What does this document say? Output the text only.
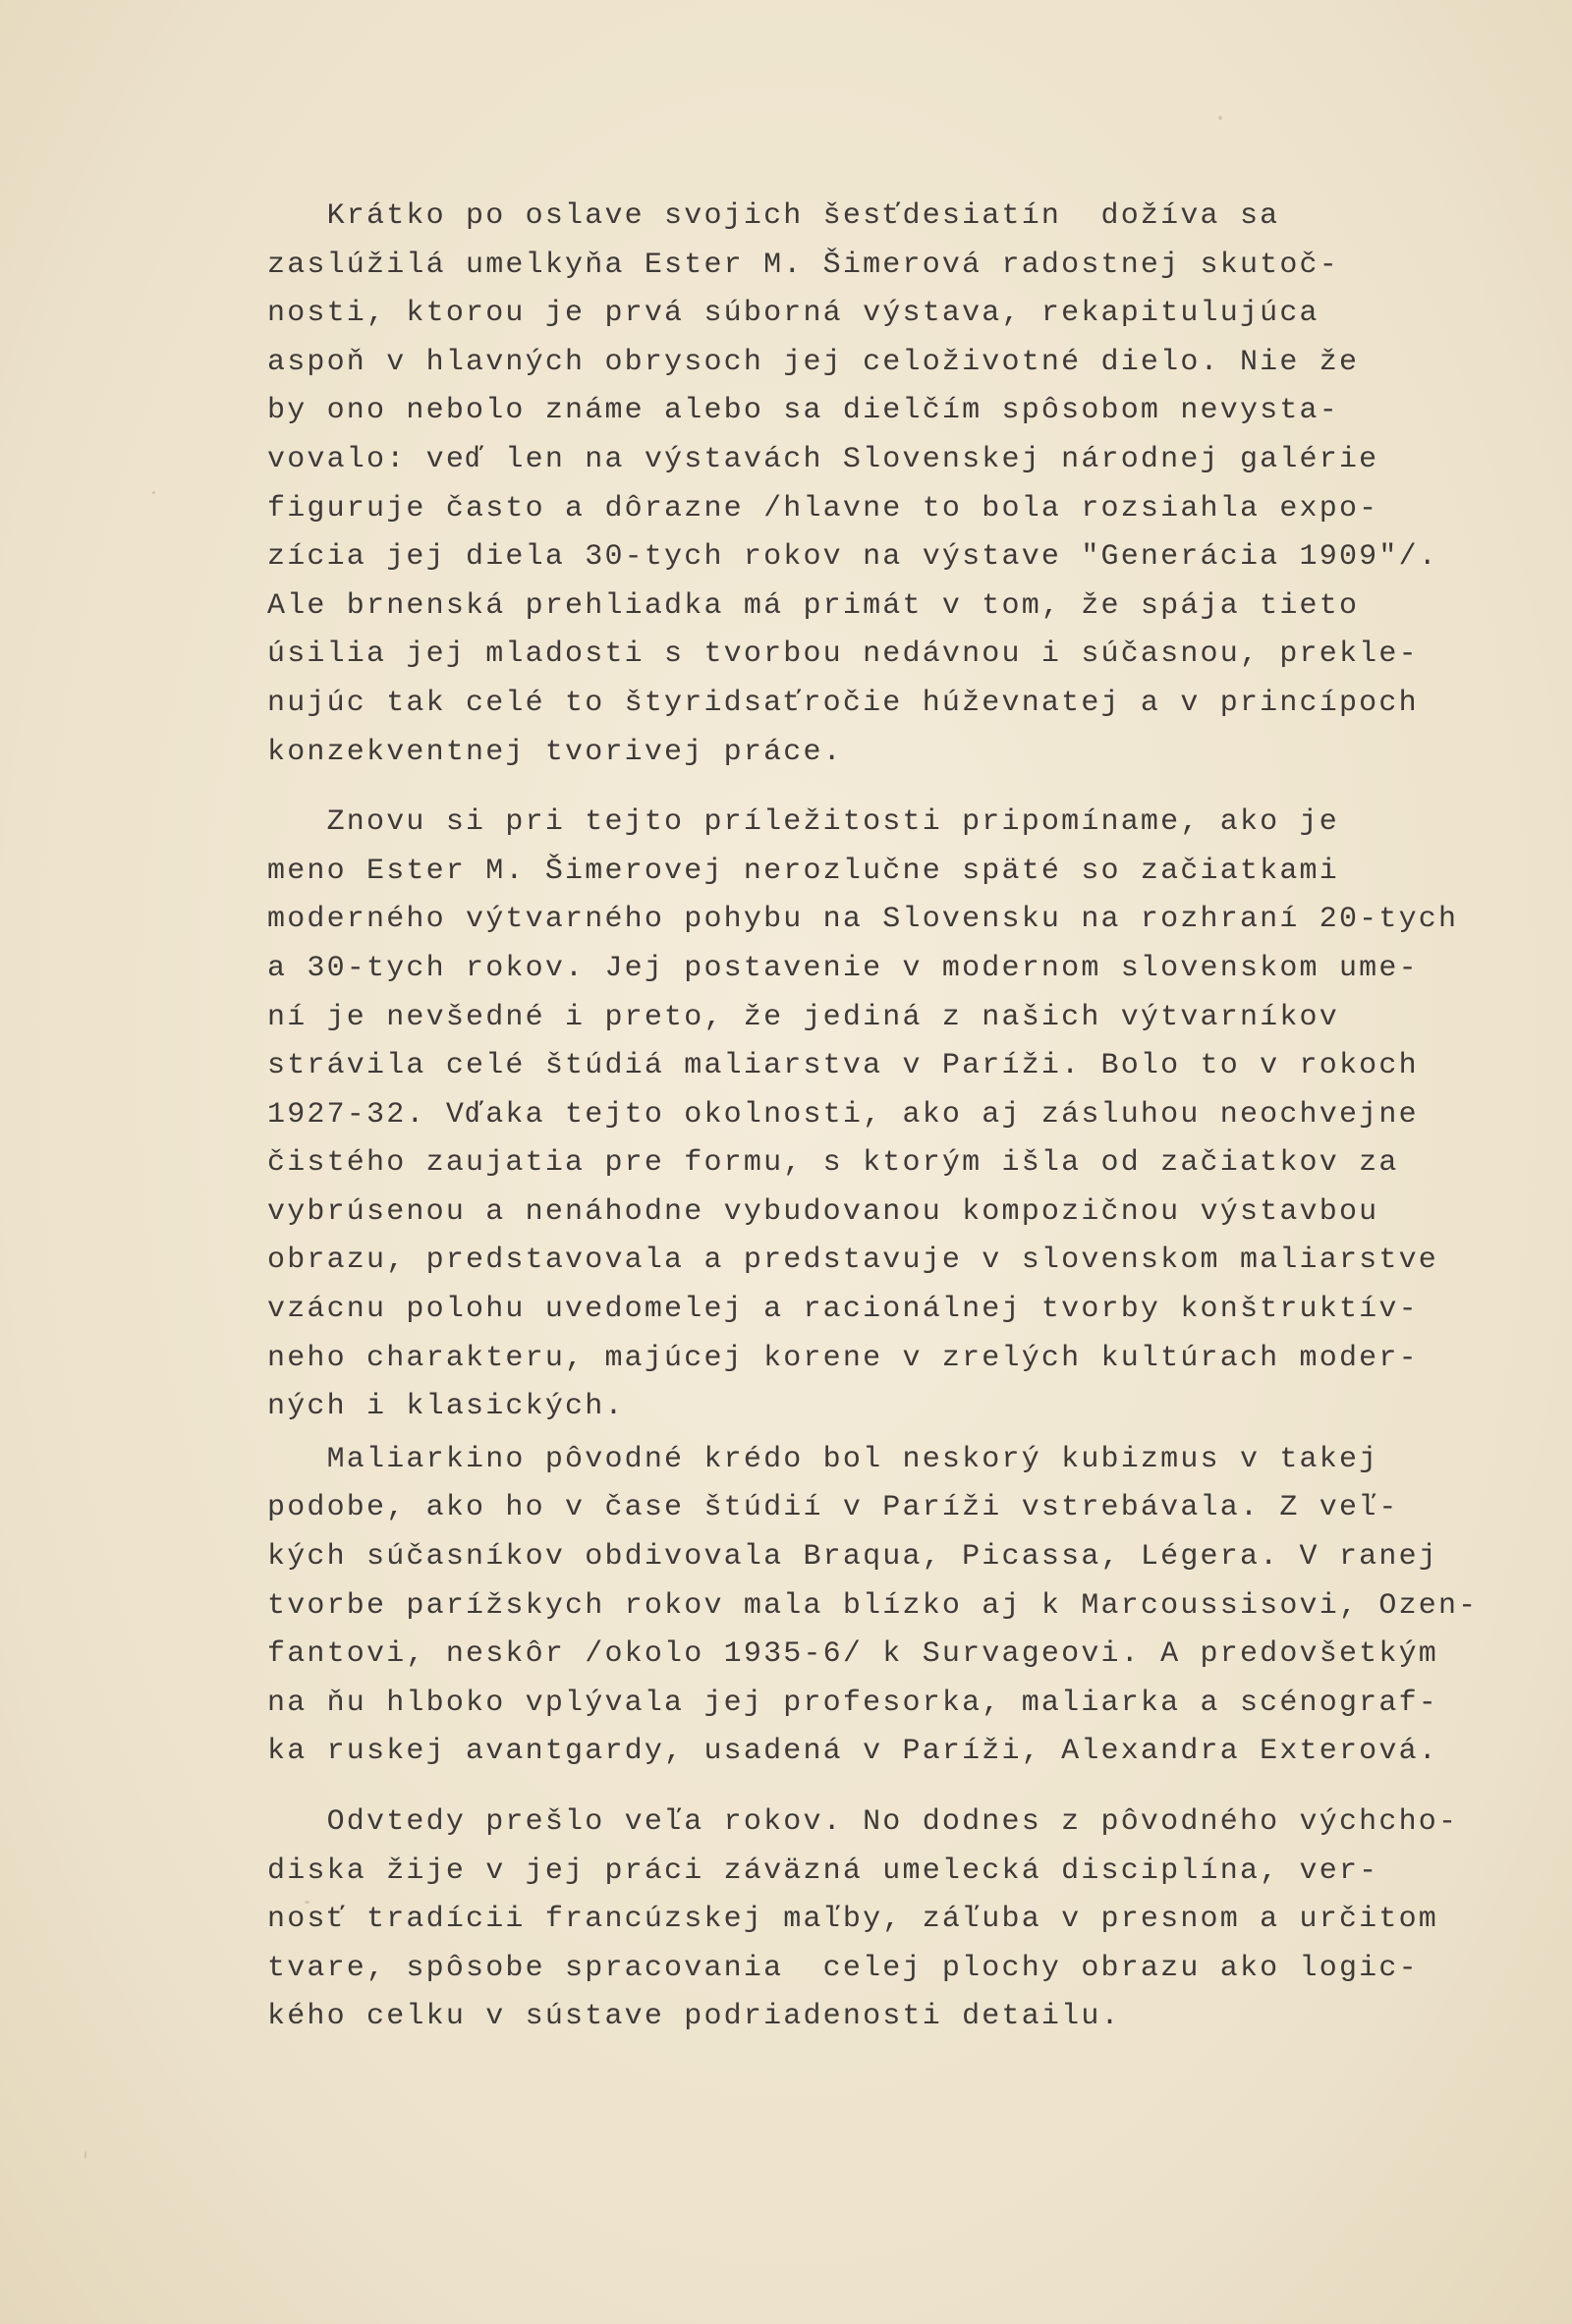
Krátko po oslave svojich šesťdesiatín  dožíva sa
zaslúžilá umelkyňa Ester M. Šimerová radostnej skutoč-
nosti, ktorou je prvá súborná výstava, rekapitulujúca
aspoň v hlavných obrysoch jej celoživotné dielo. Nie že
by ono nebolo známe alebo sa dielčím spôsobom nevysta-
vovalo: veď len na výstavách Slovenskej národnej galérie
figuruje často a dôrazne /hlavne to bola rozsiahla expo-
zícia jej diela 30-tych rokov na výstave "Generácia 1909"/.
Ale brnenská prehliadka má primát v tom, že spája tieto
úsilia jej mladosti s tvorbou nedávnou i súčasnou, prekle-
nujúc tak celé to štyridsaťročie húževnatej a v princípoch
konzekventnej tvorivej práce.
Znovu si pri tejto príležitosti pripomíname, ako je
meno Ester M. Šimerovej nerozlučne späté so začiatkami
moderného výtvarného pohybu na Slovensku na rozhraní 20-tych
a 30-tych rokov. Jej postavenie v modernom slovenskom ume-
ní je nevšedné i preto, že jediná z našich výtvarníkov
strávila celé štúdiá maliarstva v Paríži. Bolo to v rokoch
1927-32. Vďaka tejto okolnosti, ako aj zásluhou neochvejne
čistého zaujatia pre formu, s ktorým išla od začiatkov za
vybrúsenou a nenáhodne vybudovanou kompozičnou výstavbou
obrazu, predstavovala a predstavuje v slovenskom maliarstve
vzácnu polohu uvedomelej a racionálnej tvorby konštruktív-
neho charakteru, majúcej korene v zrelých kultúrach moder-
ných i klasických.
Maliarkino pôvodné krédo bol neskorý kubizmus v takej
podobe, ako ho v čase štúdií v Paríži vstrebávala. Z veľ-
kých súčasníkov obdivovala Braqua, Picassa, Légera. V ranej
tvorbe parížskych rokov mala blízko aj k Marcoussisovi, Ozen-
fantovi, neskôr /okolo 1935-6/ k Survageovi. A predovšetkým
na ňu hlboko vplývala jej profesorka, maliarka a scénograf-
ka ruskej avantgardy, usadená v Paríži, Alexandra Exterová.
Odvtedy prešlo veľa rokov. No dodnes z pôvodného výchcho-
diska žije v jej práci záväzná umelecká disciplína, ver-
nosť tradícii francúzskej maľby, záľuba v presnom a určitom
tvare, spôsobe spracovania  celej plochy obrazu ako logic-
kého celku v sústave podriadenosti detailu.
